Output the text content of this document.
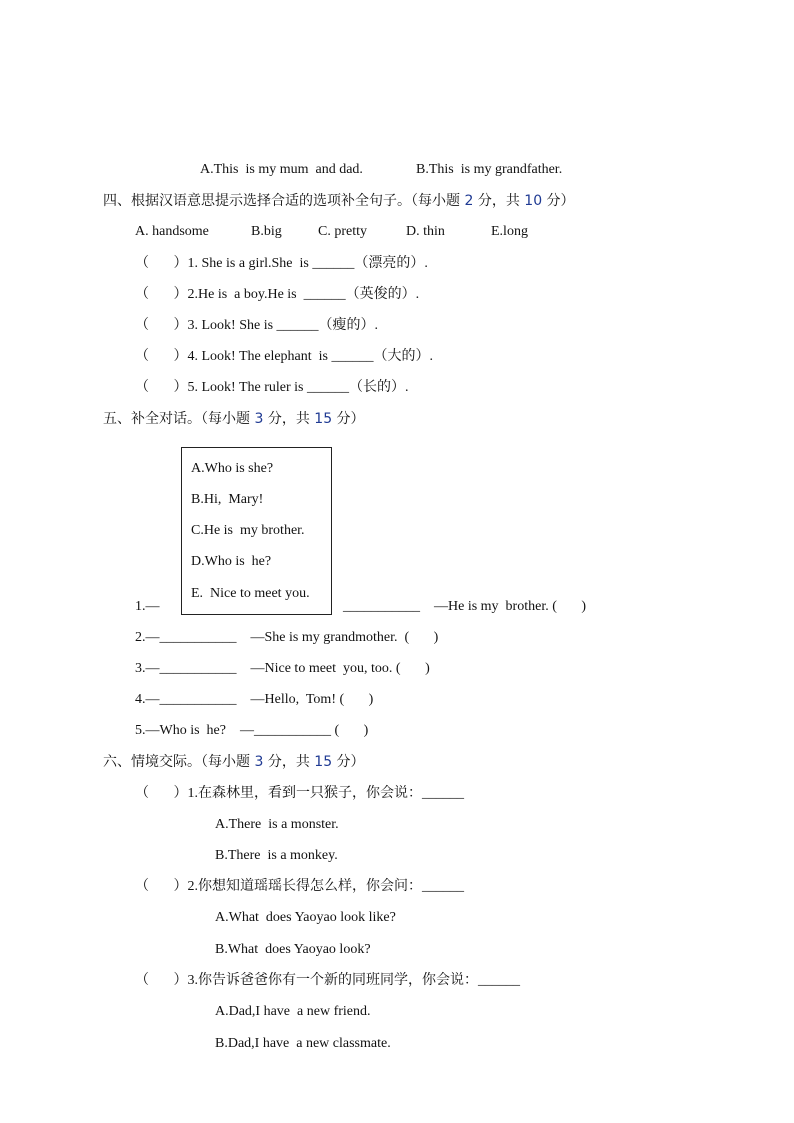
A.This  is my mum  and dad.	B.This  is my grandfather.
四、根据汉语意思提示选择合适的选项补全句子。（每小题 2 分，共 10 分）
A. handsome	B.big	C. pretty	D. thin	E.long
（       ）1. She is a girl.She  is ______（漂亮的）.
（       ）2.He is  a boy.He is  ______（英俊的）.
（       ）3. Look! She is ______（瘦的）.
（       ）4. Look! The elephant  is ______（大的）.
（       ）5. Look! The ruler is ______（长的）.
五、补全对话。（每小题 3 分，共 15 分）
A.Who is she?
B.Hi,  Mary!
C.He is  my brother.
D.Who is  he?
E.  Nice to meet you.
1.—	___________    —He is my  brother. (       )
2.—___________    —She is my grandmother.  (       )
3.—___________    —Nice to meet  you, too. (       )
4.—___________    —Hello,  Tom! (       )
5.—Who is  he?    —___________ (       )
六、情境交际。（每小题 3 分，共 15 分）
（       ）1.在森林里，看到一只猴子，你会说：______
A.There  is a monster.
B.There  is a monkey.
（       ）2.你想知道瑶瑶长得怎么样，你会问：______
A.What  does Yaoyao look like?
B.What  does Yaoyao look?
（       ）3.你告诉爸爸你有一个新的同班同学，你会说：______
A.Dad,I have  a new friend.
B.Dad,I have  a new classmate.
